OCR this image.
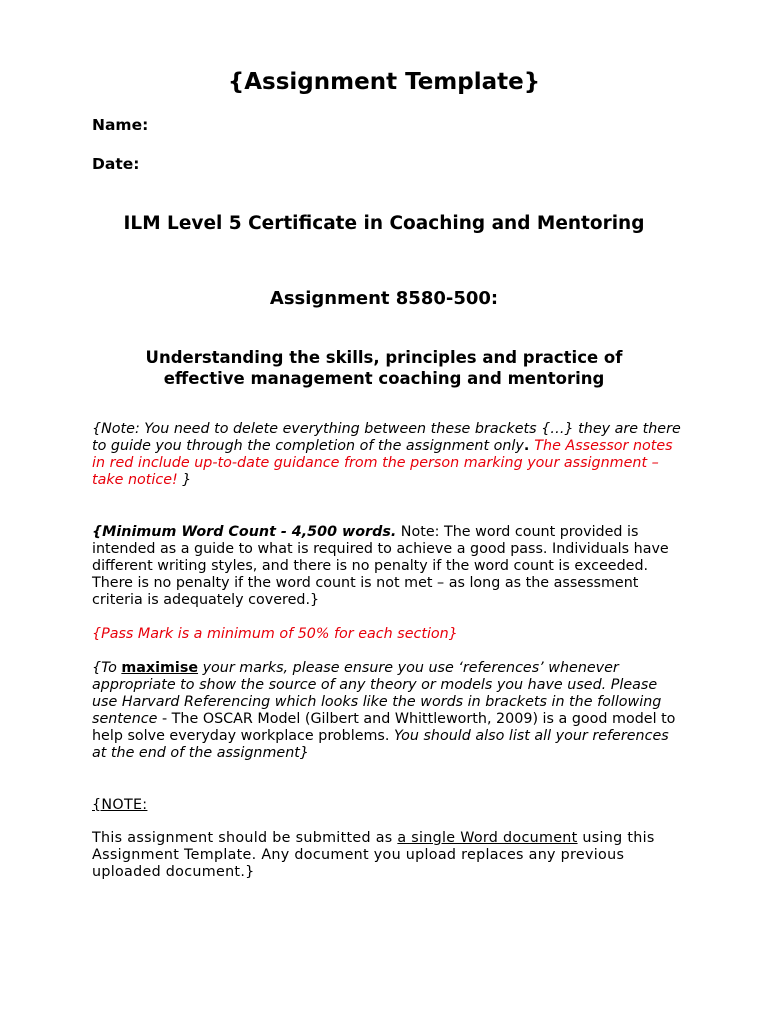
{Assignment Template}
Name:
Date:
ILM Level 5 Certificate in Coaching and Mentoring
Assignment 8580-500:
Understanding the skills, principles and practice of
effective management coaching and mentoring
{Note: You need to delete everything between these brackets {…} they are there to guide you through the completion of the assignment only. The Assessor notes in red include up-to-date guidance from the person marking your assignment – take notice! }
{Minimum Word Count - 4,500 words. Note: The word count provided is intended as a guide to what is required to achieve a good pass. Individuals have different writing styles, and there is no penalty if the word count is exceeded. There is no penalty if the word count is not met – as long as the assessment criteria is adequately covered.}
{Pass Mark is a minimum of 50% for each section}
{To maximise your marks, please ensure you use ‘references’ whenever appropriate to show the source of any theory or models you have used. Please use Harvard Referencing which looks like the words in brackets in the following sentence - The OSCAR Model (Gilbert and Whittleworth, 2009) is a good model to help solve everyday workplace problems. You should also list all your references at the end of the assignment}
{NOTE:
This assignment should be submitted as a single Word document using this Assignment Template. Any document you upload replaces any previous uploaded document.}
